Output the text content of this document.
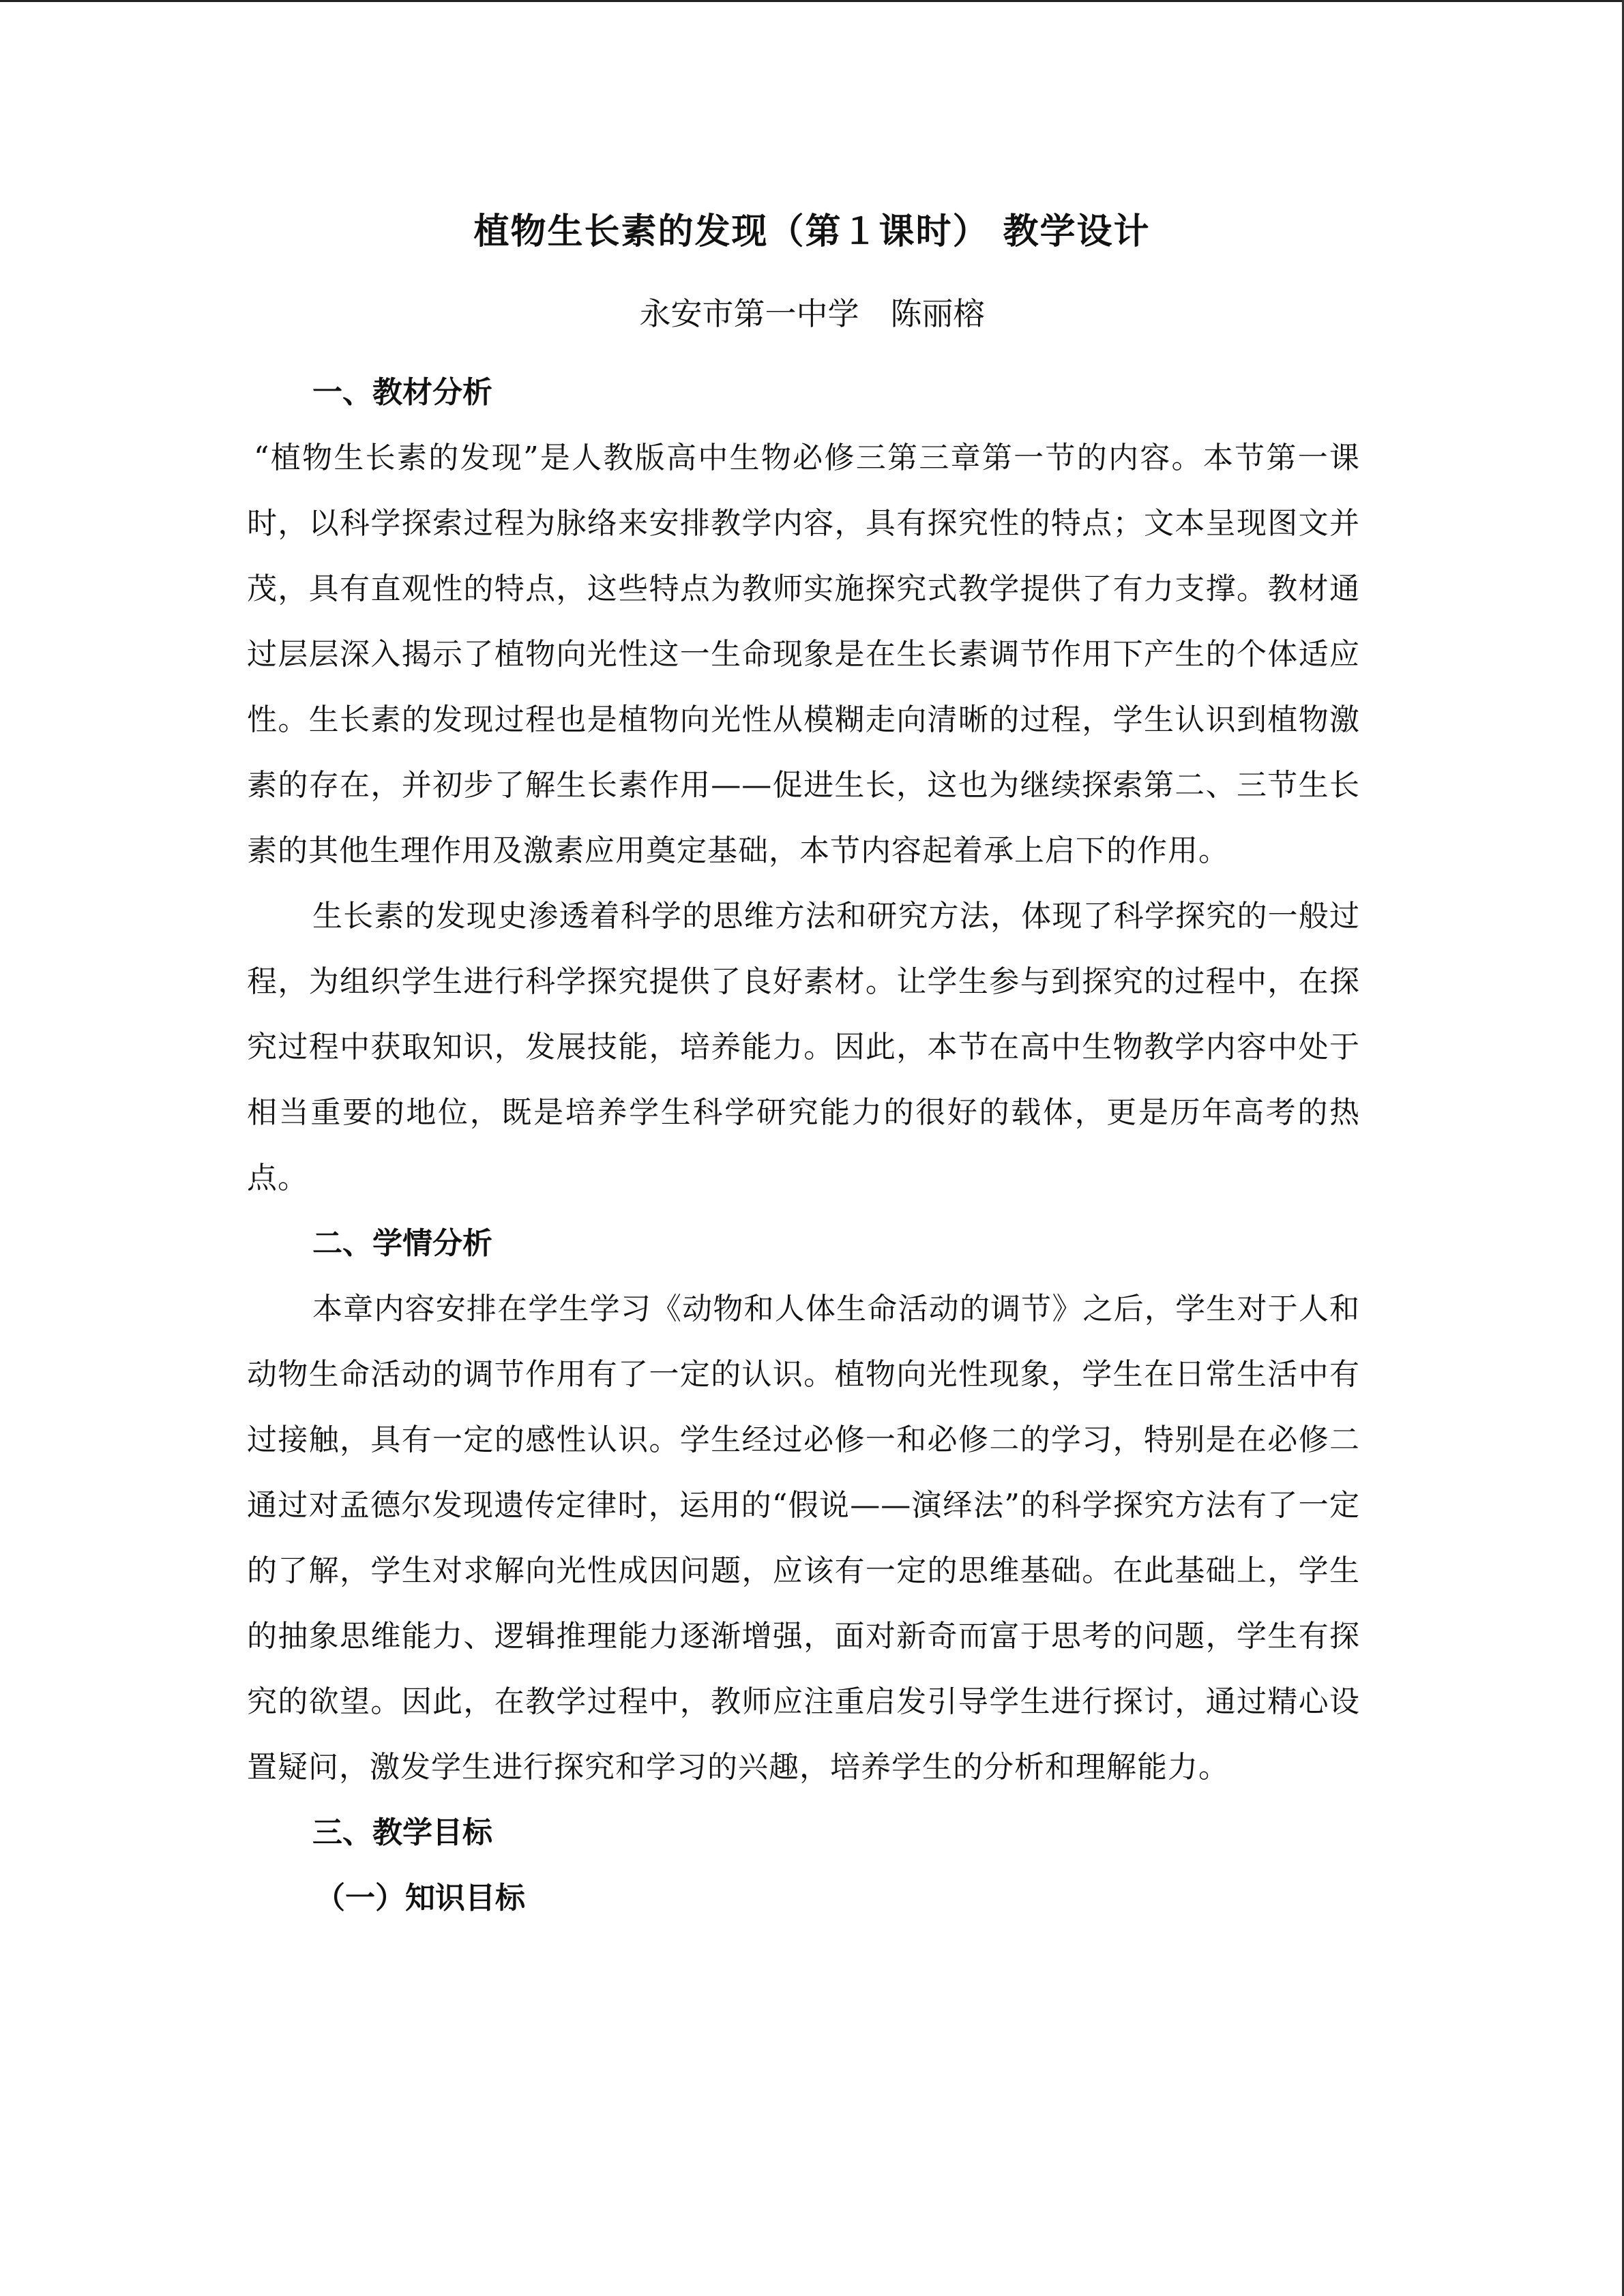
植物生长素的发现（第１课时） 教学设计
永安市第一中学 陈丽榕
一、教材分析

“植物生长素的发现”是人教版高中生物必修三第三章第一节的内容。本节第一课时，以科学探索过程为脉络来安排教学内容，具有探究性的特点；文本呈现图文并茂，具有直观性的特点，这些特点为教师实施探究式教学提供了有力支撑。教材通过层层深入揭示了植物向光性这一生命现象是在生长素调节作用下产生的个体适应性。生长素的发现过程也是植物向光性从模糊走向清晰的过程，学生认识到植物激素的存在，并初步了解生长素作用——促进生长，这也为继续探索第二、三节生长素的其他生理作用及激素应用奠定基础，本节内容起着承上启下的作用。

生长素的发现史渗透着科学的思维方法和研究方法，体现了科学探究的一般过程，为组织学生进行科学探究提供了良好素材。让学生参与到探究的过程中，在探究过程中获取知识，发展技能，培养能力。因此，本节在高中生物教学内容中处于相当重要的地位，既是培养学生科学研究能力的很好的载体，更是历年高考的热点。

二、学情分析

本章内容安排在学生学习《动物和人体生命活动的调节》之后，学生对于人和动物生命活动的调节作用有了一定的认识。植物向光性现象，学生在日常生活中有过接触，具有一定的感性认识。学生经过必修一和必修二的学习，特别是在必修二通过对孟德尔发现遗传定律时，运用的“假说——演绎法”的科学探究方法有了一定的了解，学生对求解向光性成因问题，应该有一定的思维基础。在此基础上，学生的抽象思维能力、逻辑推理能力逐渐增强，面对新奇而富于思考的问题，学生有探究的欲望。因此，在教学过程中，教师应注重启发引导学生进行探讨，通过精心设置疑问，激发学生进行探究和学习的兴趣，培养学生的分析和理解能力。

三、教学目标
（一）知识目标
